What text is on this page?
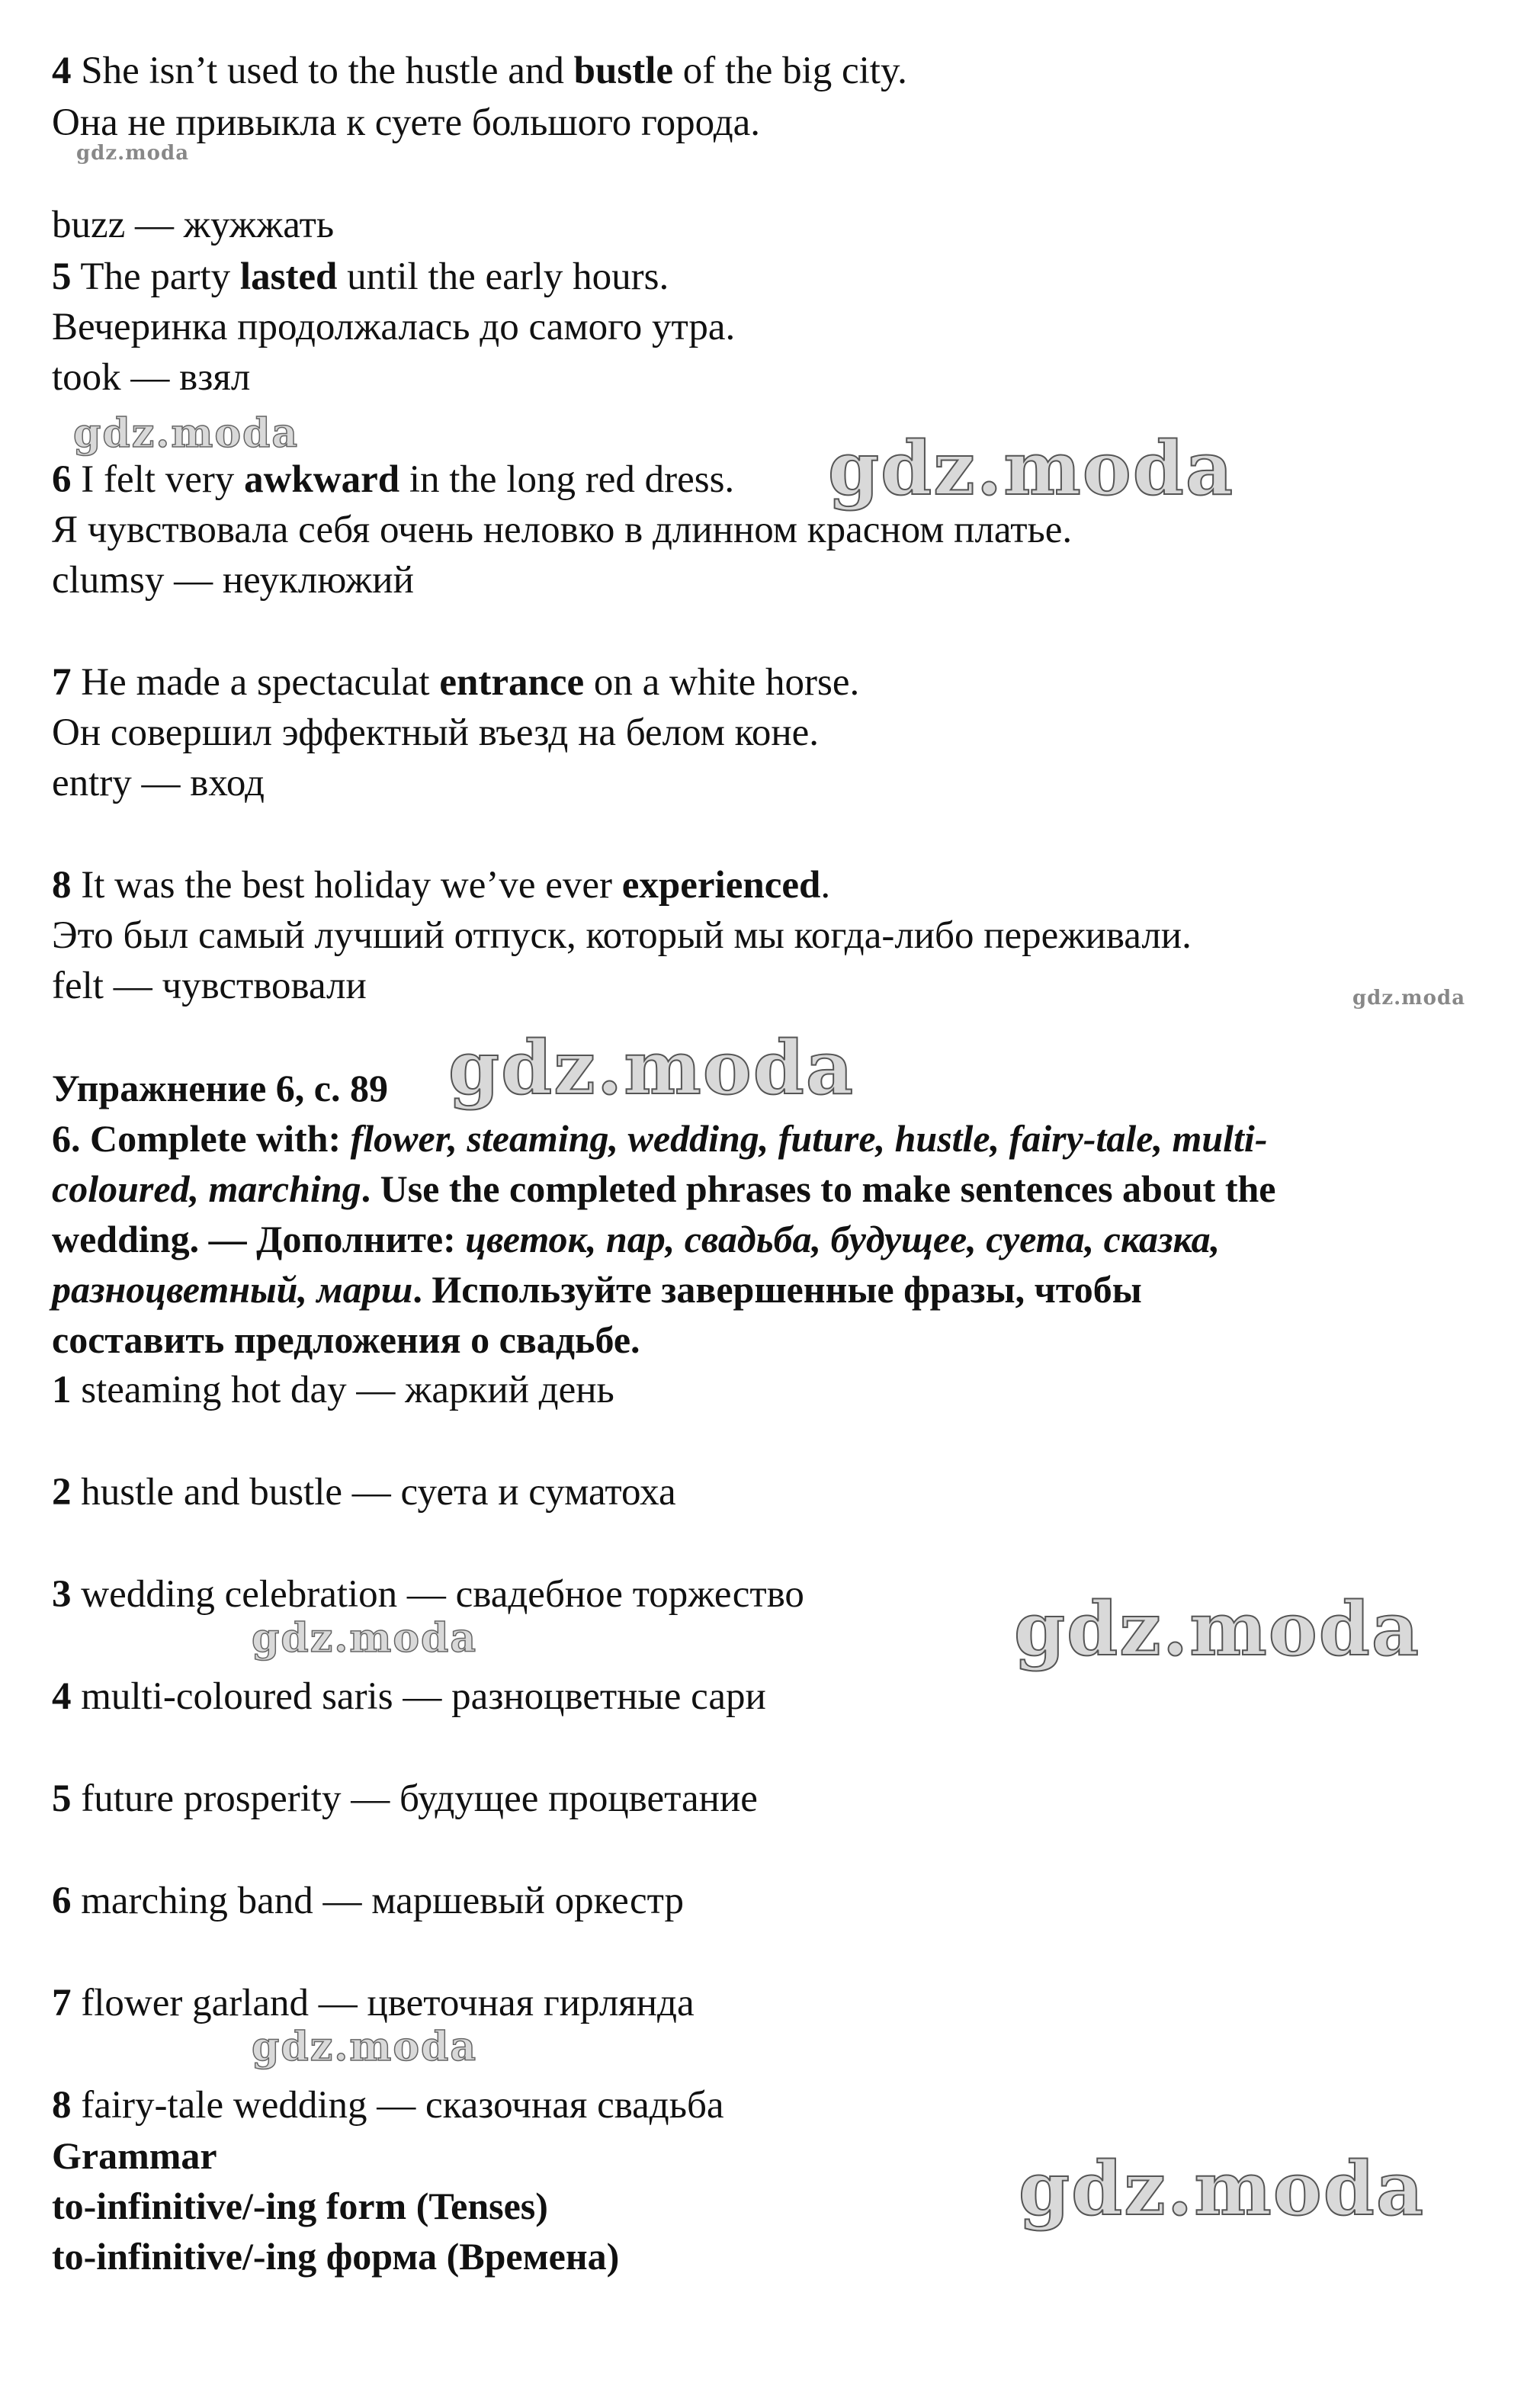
4 She isn’t used to the hustle and bustle of the big city.
Она не привыкла к суете большого города.
gdz.moda
buzz — жужжать
5 The party lasted until the early hours.
Вечеринка продолжалась до самого утра.
took — взял
gdz.moda
6 I felt very awkward in the long red dress. gdz.moda
Я чувствовала себя очень неловко в длинном красном платье.
clumsy — неуклюжий
7 He made a spectaculat entrance on a white horse.
Он совершил эффектный въезд на белом коне.
entry — вход
8 It was the best holiday we’ve ever experienced.
Это был самый лучший отпуск, который мы когда-либо переживали.
felt — чувствовали	gdz.moda
Упражнение 6, с. 89 gdz.moda
6. Complete with: flower, steaming, wedding, future, hustle, fairy-tale, multi-
coloured, marching. Use the completed phrases to make sentences about the
wedding. — Дополните: цветок, пар, свадьба, будущее, суета, сказка,
разноцветный, марш. Используйте завершенные фразы, чтобы
составить предложения о свадьбе.
1 steaming hot day — жаркий день
2 hustle and bustle — суета и суматоха
3 wedding celebration — свадебное торжество
gdz.moda	gdz.moda
4 multi-coloured saris — разноцветные сари
5 future prosperity — будущее процветание
6 marching band — маршевый оркестр
7 flower garland — цветочная гирлянда
gdz.moda
8 fairy-tale wedding — сказочная свадьба
Grammar
to-infinitive/-ing form (Tenses)	gdz.moda
to-infinitive/-ing форма (Времена)
